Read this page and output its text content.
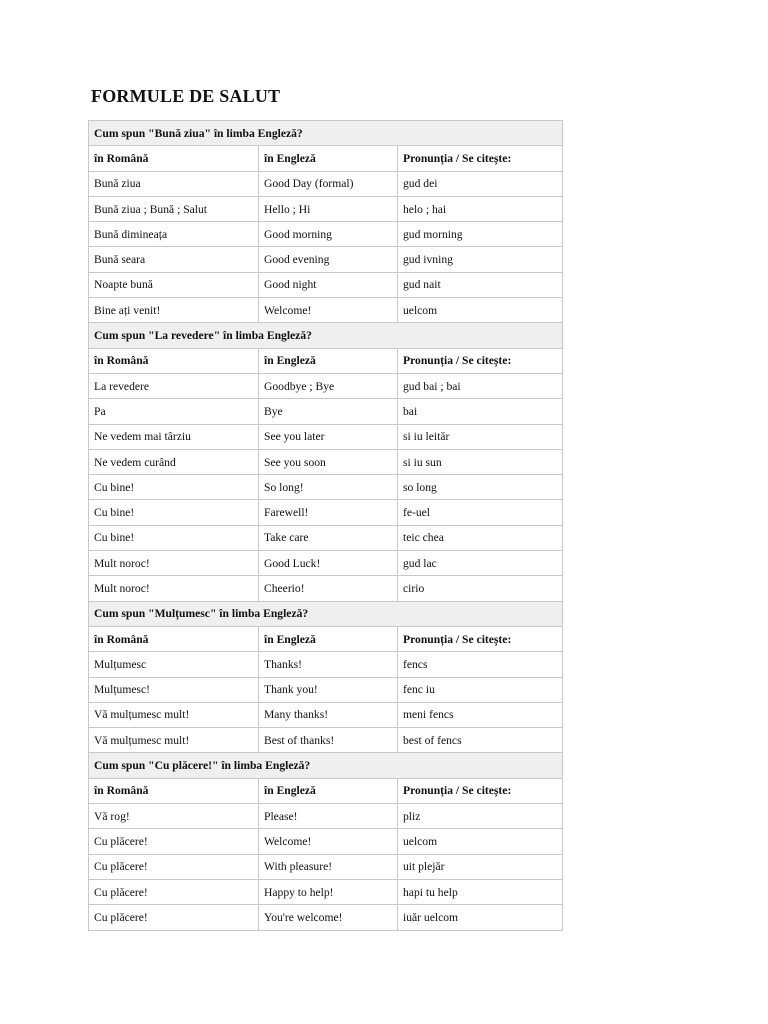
FORMULE DE SALUT
Cum spun "Bună ziua" în limba Engleză?		
în Română	în Engleză	Pronunția / Se citește:
Bună ziua	Good Day (formal)	gud dei
Bună ziua ; Bună ; Salut	Hello ; Hi	helo ; hai
Bună dimineața	Good morning	gud morning
Bună seara	Good evening	gud ivning
Noapte bună	Good night	gud nait
Bine ați venit!	Welcome!	uelcom
Cum spun "La revedere" în limba Engleză?		
în Română	în Engleză	Pronunția / Se citește:
La revedere	Goodbye ; Bye	gud bai ; bai
Pa	Bye	bai
Ne vedem mai târziu	See you later	si iu leităr
Ne vedem curând	See you soon	si iu sun
Cu bine!	So long!	so long
Cu bine!	Farewell!	fe-uel
Cu bine!	Take care	teic chea
Mult noroc!	Good Luck!	gud lac
Mult noroc!	Cheerio!	cirio
Cum spun "Mulțumesc" în limba Engleză?		
în Română	în Engleză	Pronunția / Se citește:
Mulțumesc	Thanks!	fencs
Mulțumesc!	Thank you!	fenc iu
Vă mulțumesc mult!	Many thanks!	meni fencs
Vă mulțumesc mult!	Best of thanks!	best of fencs
Cum spun "Cu plăcere!" în limba Engleză?		
în Română	în Engleză	Pronunția / Se citește:
Vă rog!	Please!	pliz
Cu plăcere!	Welcome!	uelcom
Cu plăcere!	With pleasure!	uit plejăr
Cu plăcere!	Happy to help!	hapi tu help
Cu plăcere!	You're welcome!	iuăr uelcom
